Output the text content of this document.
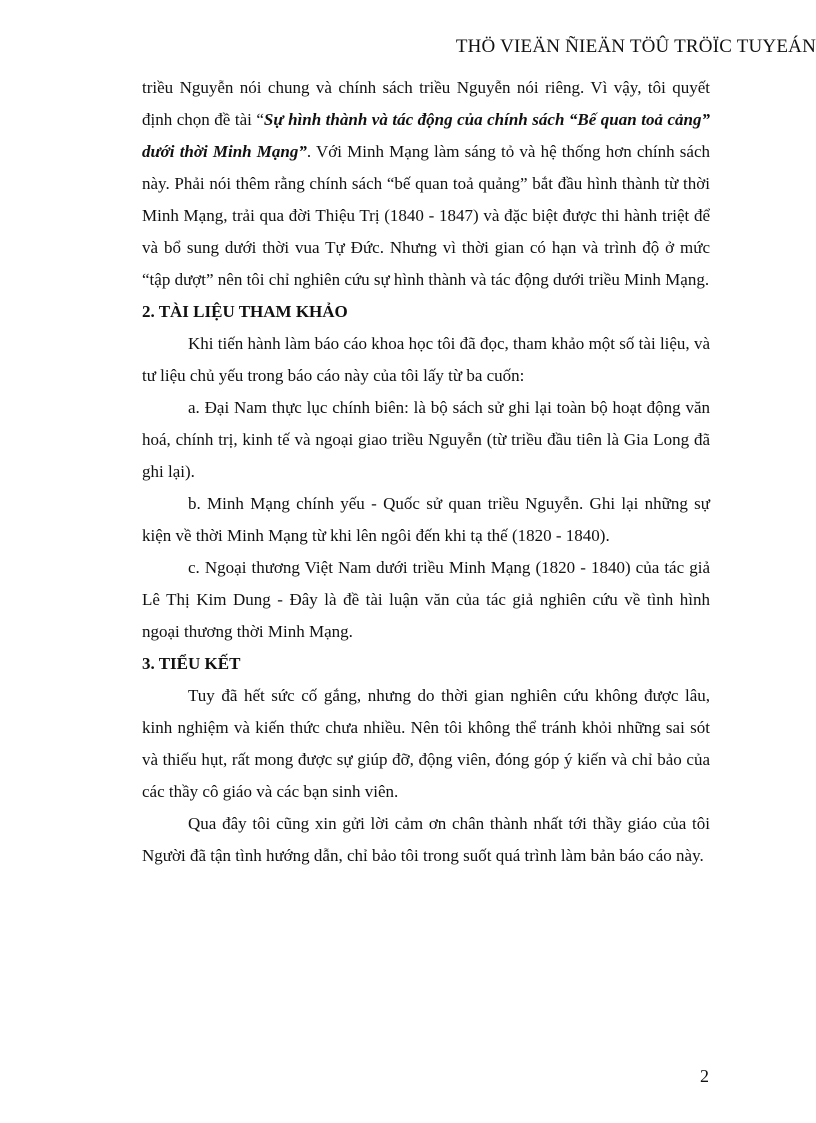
THÖ VIEÄN ÑIEÄN TÖÛ TRÖÏC TUYEÁN

triều Nguyễn nói chung và chính sách triều Nguyễn nói riêng. Vì vậy, tôi quyết định chọn đề tài “Sự hình thành và tác động của chính sách “Bế quan toả cảng” dưới thời Minh Mạng”. Với Minh Mạng làm sáng tỏ và hệ thống hơn chính sách này. Phải nói thêm rằng chính sách “bế quan toả quảng” bắt đầu hình thành từ thời Minh Mạng, trải qua đời Thiệu Trị (1840 - 1847) và đặc biệt được thi hành triệt để và bổ sung dưới thời vua Tự Đức. Nhưng vì thời gian có hạn và trình độ ở mức “tập dượt” nên tôi chỉ nghiên cứu sự hình thành và tác động dưới triều Minh Mạng.

2. TÀI LIỆU THAM KHẢO

Khi tiến hành làm báo cáo khoa học tôi đã đọc, tham khảo một số tài liệu, và tư liệu chủ yếu trong báo cáo này của tôi lấy từ ba cuốn:

a. Đại Nam thực lục chính biên: là bộ sách sử ghi lại toàn bộ hoạt động văn hoá, chính trị, kinh tế và ngoại giao triều Nguyễn (từ triều đầu tiên là Gia Long đã ghi lại).

b. Minh Mạng chính yếu - Quốc sử quan triều Nguyễn. Ghi lại những sự kiện về thời Minh Mạng từ khi lên ngôi đến khi tạ thế (1820 - 1840).

c. Ngoại thương Việt Nam dưới triều Minh Mạng (1820 - 1840) của tác giả Lê Thị Kim Dung - Đây là đề tài luận văn của tác giả nghiên cứu về tình hình ngoại thương thời Minh Mạng.

3. TIỂU KẾT

Tuy đã hết sức cố gắng, nhưng do thời gian nghiên cứu không được lâu, kinh nghiệm và kiến thức chưa nhiều. Nên tôi không thể tránh khỏi những sai sót và thiếu hụt, rất mong được sự giúp đỡ, động viên, đóng góp ý kiến và chỉ bảo của các thầy cô giáo và các bạn sinh viên.

Qua đây tôi cũng xin gửi lời cảm ơn chân thành nhất tới thầy giáo của tôi Người đã tận tình hướng dẫn, chỉ bảo tôi trong suốt quá trình làm bản báo cáo này.

2
